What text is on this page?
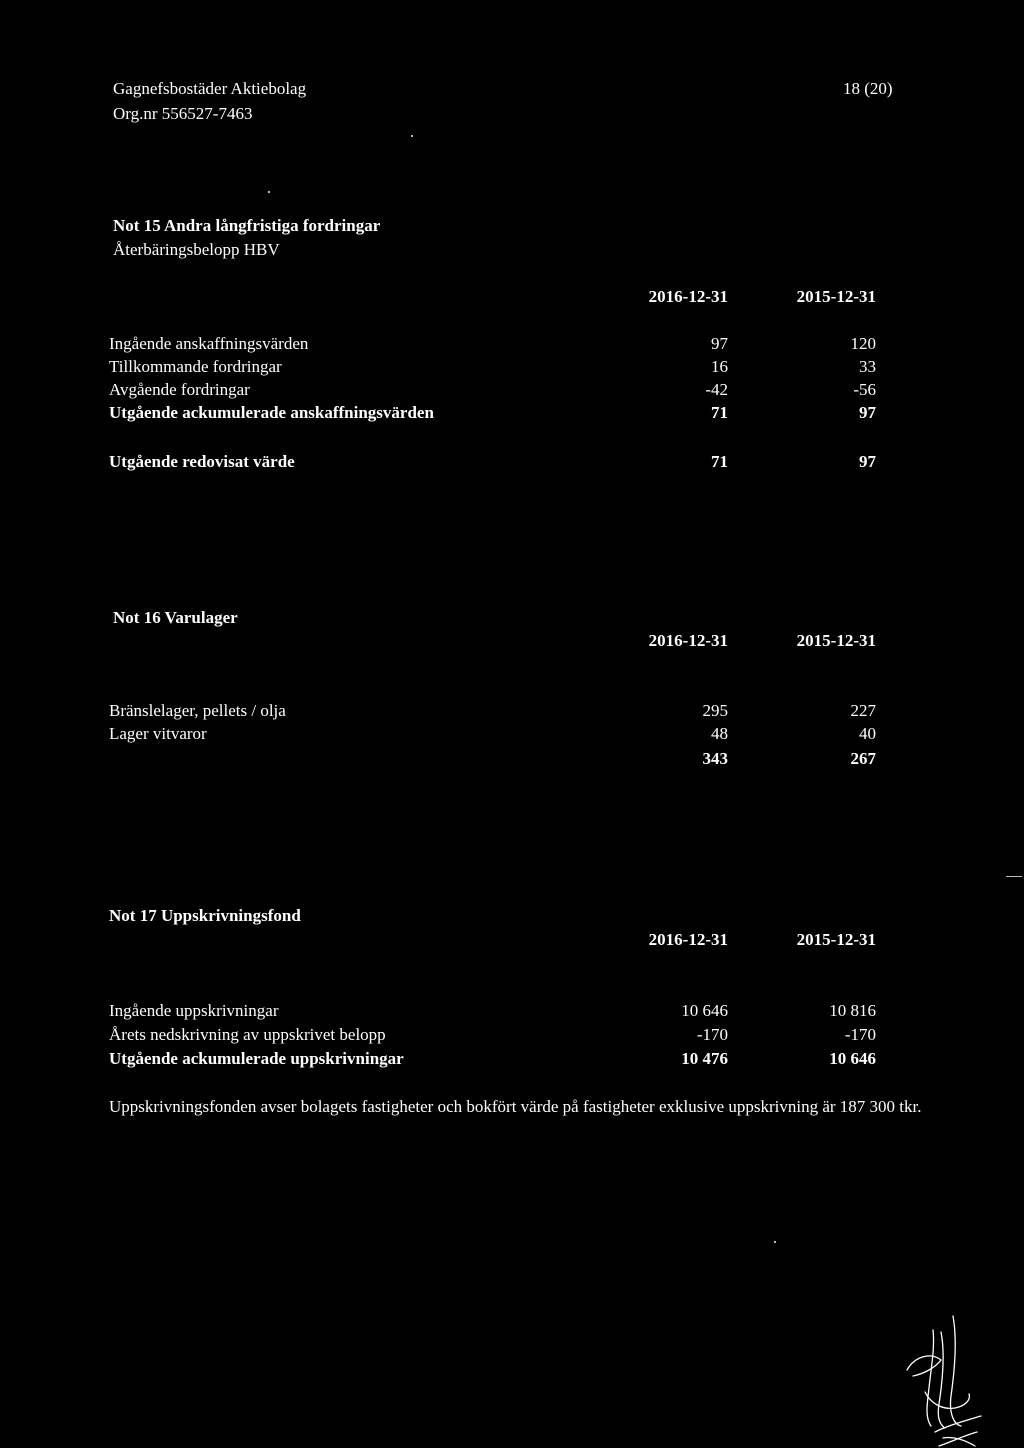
Gagnefsbostäder Aktiebolag
Org.nr 556527-7463
18 (20)
Not 15 Andra långfristiga fordringar
Återbäringsbelopp HBV
2016-12-31	2015-12-31
Ingående anskaffningsvärden	97	120
Tillkommande fordringar	16	33
Avgående fordringar	-42	-56
Utgående ackumulerade anskaffningsvärden	71	97
Utgående redovisat värde	71	97
Not 16 Varulager
2016-12-31	2015-12-31
Bränslelager, pellets / olja	295	227
Lager vitvaror	48	40
343	267
Not 17 Uppskrivningsfond
2016-12-31	2015-12-31
Ingående uppskrivningar	10 646	10 816
Årets nedskrivning av uppskrivet belopp	-170	-170
Utgående ackumulerade uppskrivningar	10 476	10 646
Uppskrivningsfonden avser bolagets fastigheter och bokfört värde på fastigheter exklusive uppskrivning är 187 300 tkr.
